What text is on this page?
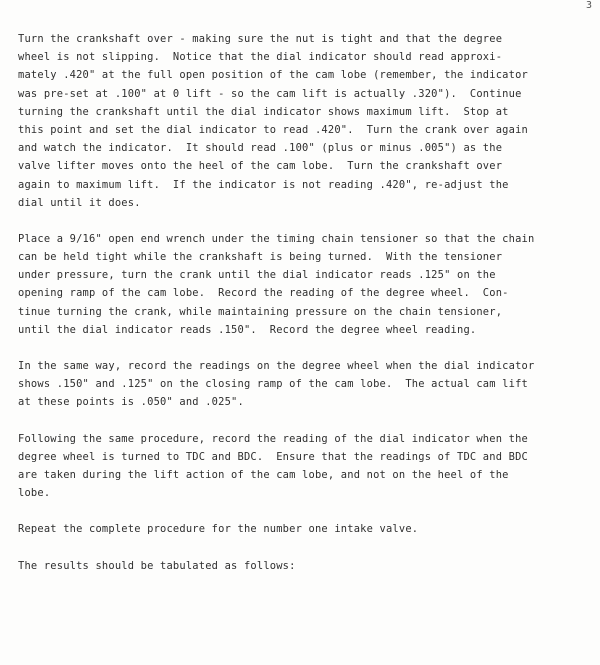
3
Turn the crankshaft over - making sure the nut is tight and that the degree
wheel is not slipping.  Notice that the dial indicator should read approxi-
mately .420" at the full open position of the cam lobe (remember, the indicator
was pre-set at .100" at 0 lift - so the cam lift is actually .320").  Continue
turning the crankshaft until the dial indicator shows maximum lift.  Stop at
this point and set the dial indicator to read .420".  Turn the crank over again
and watch the indicator.  It should read .100" (plus or minus .005") as the
valve lifter moves onto the heel of the cam lobe.  Turn the crankshaft over
again to maximum lift.  If the indicator is not reading .420", re-adjust the
dial until it does.
Place a 9/16" open end wrench under the timing chain tensioner so that the chain
can be held tight while the crankshaft is being turned.  With the tensioner
under pressure, turn the crank until the dial indicator reads .125" on the
opening ramp of the cam lobe.  Record the reading of the degree wheel.  Con-
tinue turning the crank, while maintaining pressure on the chain tensioner,
until the dial indicator reads .150".  Record the degree wheel reading.
In the same way, record the readings on the degree wheel when the dial indicator
shows .150" and .125" on the closing ramp of the cam lobe.  The actual cam lift
at these points is .050" and .025".
Following the same procedure, record the reading of the dial indicator when the
degree wheel is turned to TDC and BDC.  Ensure that the readings of TDC and BDC
are taken during the lift action of the cam lobe, and not on the heel of the
lobe.
Repeat the complete procedure for the number one intake valve.
The results should be tabulated as follows:
